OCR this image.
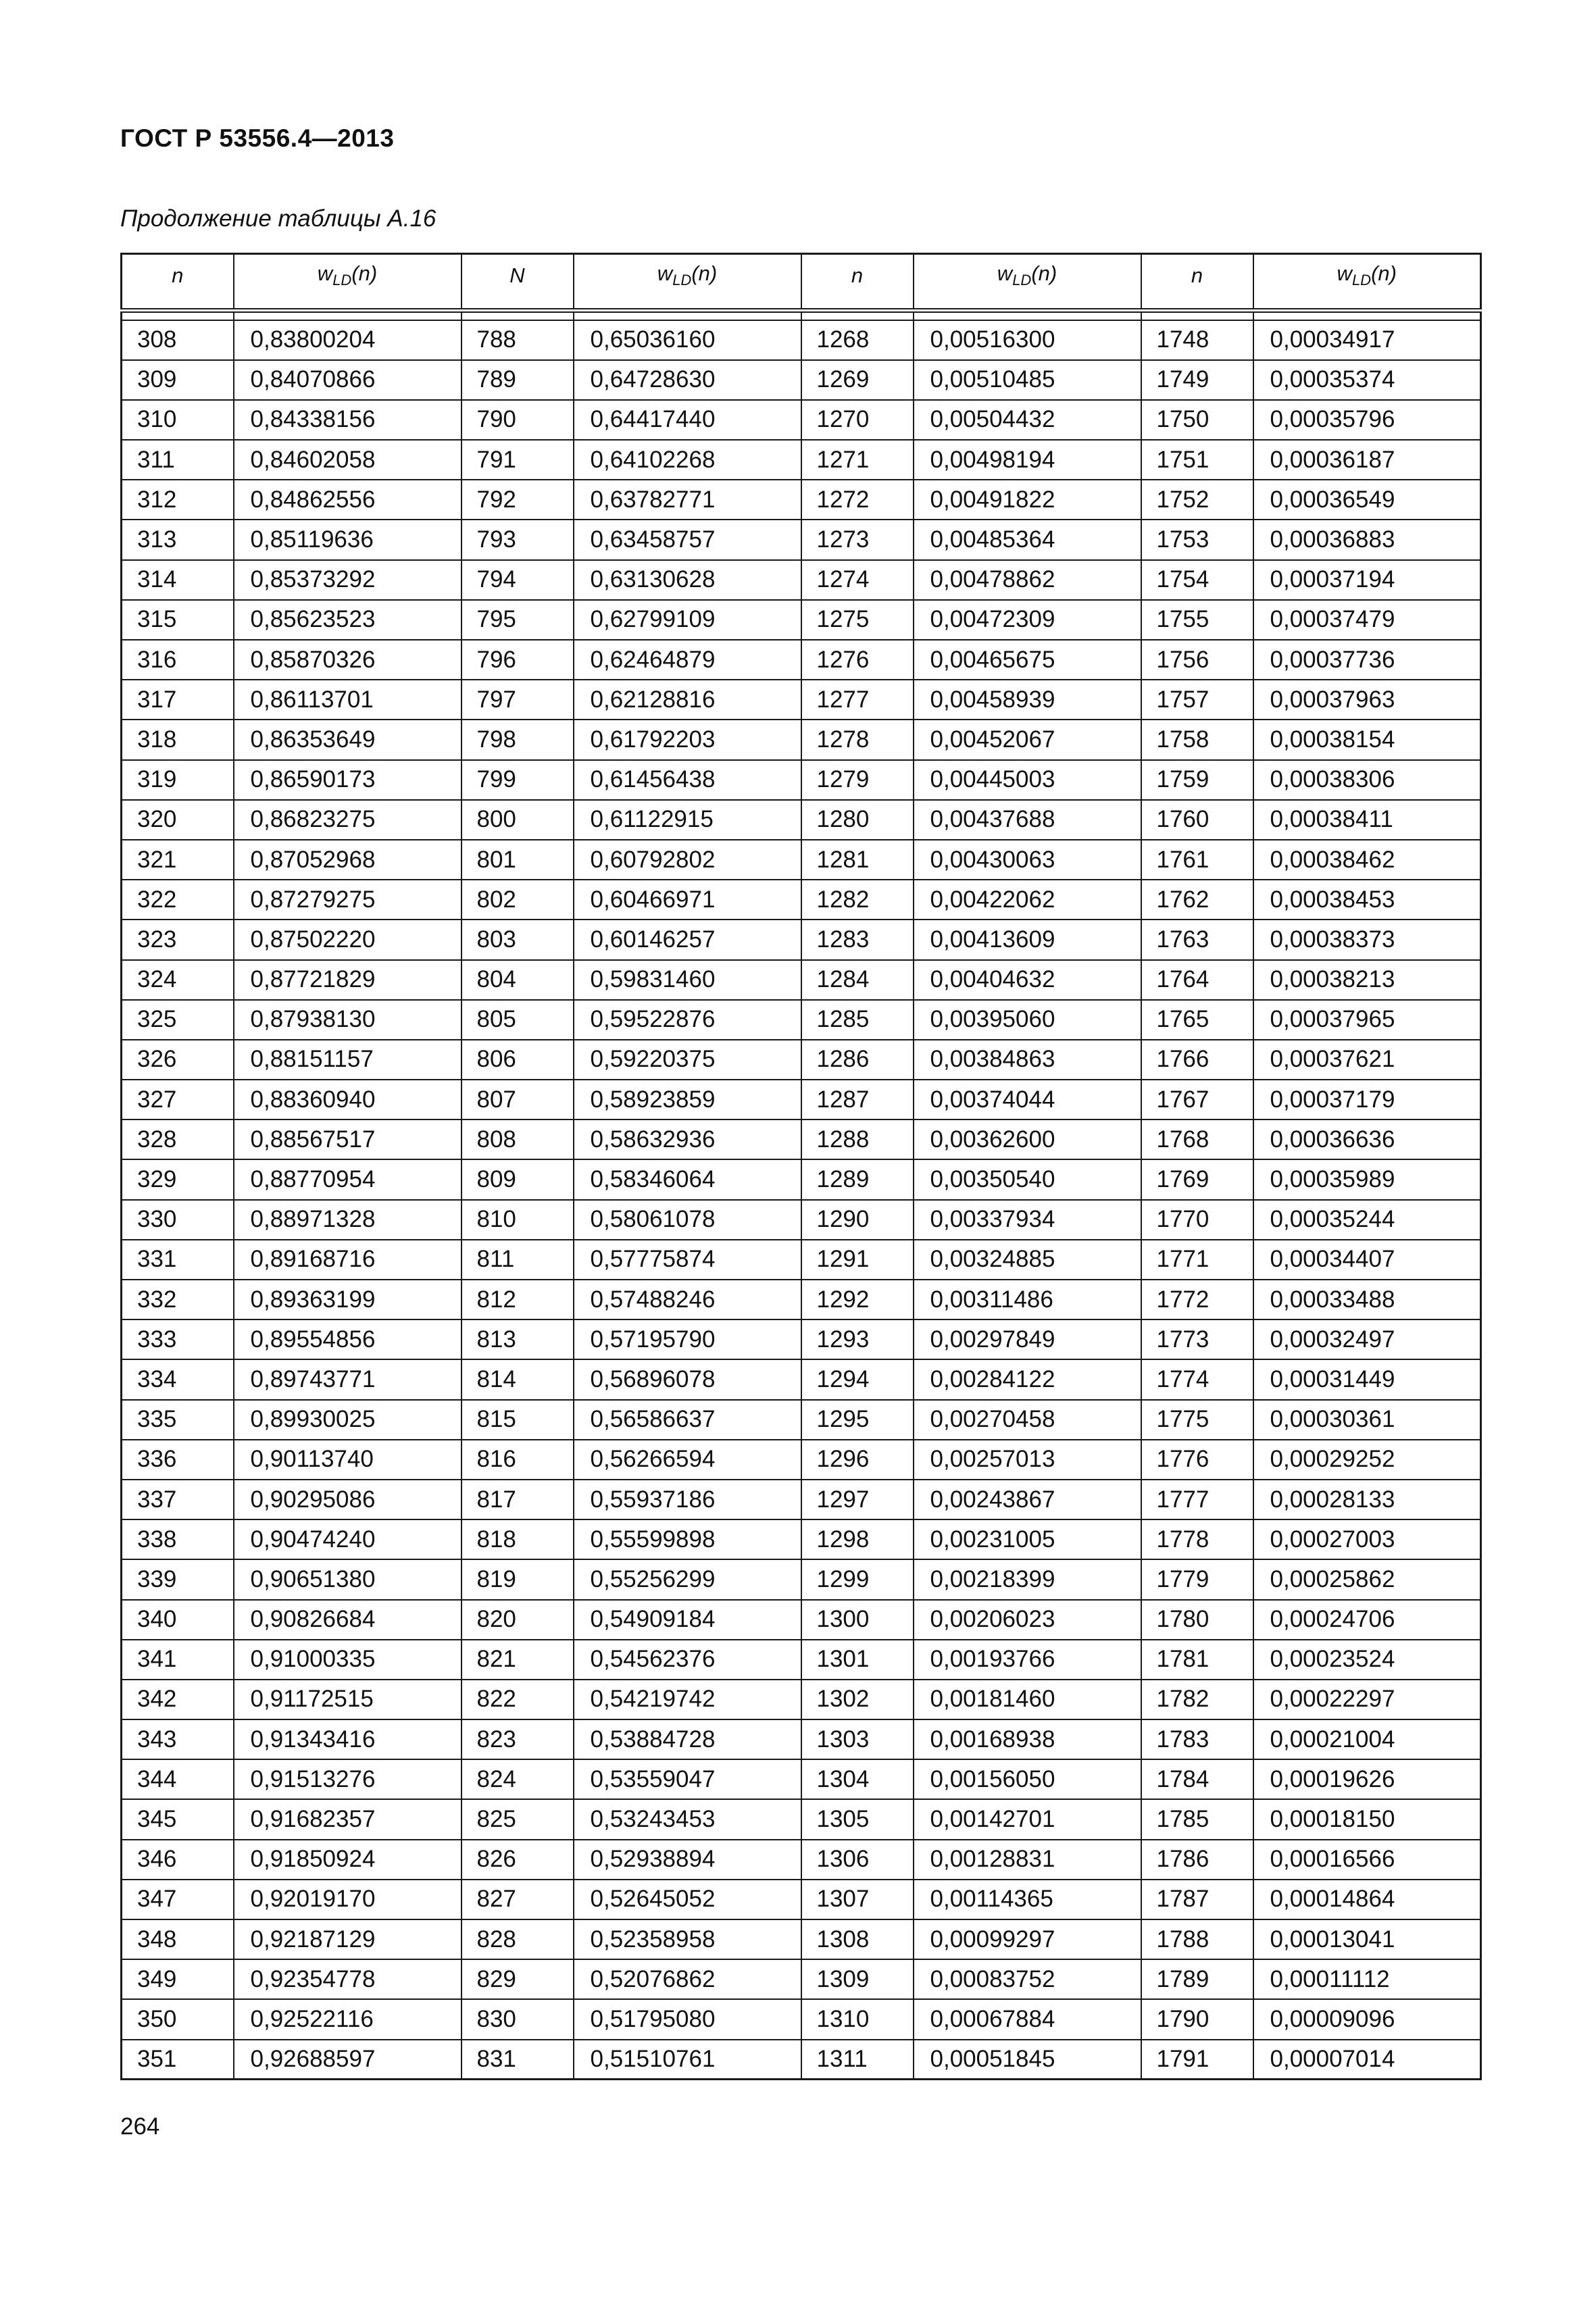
ГОСТ Р 53556.4—2013
Продолжение таблицы А.16
n	$w_{LD}(n)$	N	$w_{LD}(n)$	n	$w_{LD}(n)$	n	$w_{LD}(n)$

308	0,83800204	788	0,65036160	1268	0,00516300	1748	0,00034917
309	0,84070866	789	0,64728630	1269	0,00510485	1749	0,00035374
310	0,84338156	790	0,64417440	1270	0,00504432	1750	0,00035796
311	0,84602058	791	0,64102268	1271	0,00498194	1751	0,00036187
312	0,84862556	792	0,63782771	1272	0,00491822	1752	0,00036549
313	0,85119636	793	0,63458757	1273	0,00485364	1753	0,00036883
314	0,85373292	794	0,63130628	1274	0,00478862	1754	0,00037194
315	0,85623523	795	0,62799109	1275	0,00472309	1755	0,00037479
316	0,85870326	796	0,62464879	1276	0,00465675	1756	0,00037736
317	0,86113701	797	0,62128816	1277	0,00458939	1757	0,00037963
318	0,86353649	798	0,61792203	1278	0,00452067	1758	0,00038154
319	0,86590173	799	0,61456438	1279	0,00445003	1759	0,00038306
320	0,86823275	800	0,61122915	1280	0,00437688	1760	0,00038411
321	0,87052968	801	0,60792802	1281	0,00430063	1761	0,00038462
322	0,87279275	802	0,60466971	1282	0,00422062	1762	0,00038453
323	0,87502220	803	0,60146257	1283	0,00413609	1763	0,00038373
324	0,87721829	804	0,59831460	1284	0,00404632	1764	0,00038213
325	0,87938130	805	0,59522876	1285	0,00395060	1765	0,00037965
326	0,88151157	806	0,59220375	1286	0,00384863	1766	0,00037621
327	0,88360940	807	0,58923859	1287	0,00374044	1767	0,00037179
328	0,88567517	808	0,58632936	1288	0,00362600	1768	0,00036636
329	0,88770954	809	0,58346064	1289	0,00350540	1769	0,00035989
330	0,88971328	810	0,58061078	1290	0,00337934	1770	0,00035244
331	0,89168716	811	0,57775874	1291	0,00324885	1771	0,00034407
332	0,89363199	812	0,57488246	1292	0,00311486	1772	0,00033488
333	0,89554856	813	0,57195790	1293	0,00297849	1773	0,00032497
334	0,89743771	814	0,56896078	1294	0,00284122	1774	0,00031449
335	0,89930025	815	0,56586637	1295	0,00270458	1775	0,00030361
336	0,90113740	816	0,56266594	1296	0,00257013	1776	0,00029252
337	0,90295086	817	0,55937186	1297	0,00243867	1777	0,00028133
338	0,90474240	818	0,55599898	1298	0,00231005	1778	0,00027003
339	0,90651380	819	0,55256299	1299	0,00218399	1779	0,00025862
340	0,90826684	820	0,54909184	1300	0,00206023	1780	0,00024706
341	0,91000335	821	0,54562376	1301	0,00193766	1781	0,00023524
342	0,91172515	822	0,54219742	1302	0,00181460	1782	0,00022297
343	0,91343416	823	0,53884728	1303	0,00168938	1783	0,00021004
344	0,91513276	824	0,53559047	1304	0,00156050	1784	0,00019626
345	0,91682357	825	0,53243453	1305	0,00142701	1785	0,00018150
346	0,91850924	826	0,52938894	1306	0,00128831	1786	0,00016566
347	0,92019170	827	0,52645052	1307	0,00114365	1787	0,00014864
348	0,92187129	828	0,52358958	1308	0,00099297	1788	0,00013041
349	0,92354778	829	0,52076862	1309	0,00083752	1789	0,00011112
350	0,92522116	830	0,51795080	1310	0,00067884	1790	0,00009096
351	0,92688597	831	0,51510761	1311	0,00051845	1791	0,00007014
264
